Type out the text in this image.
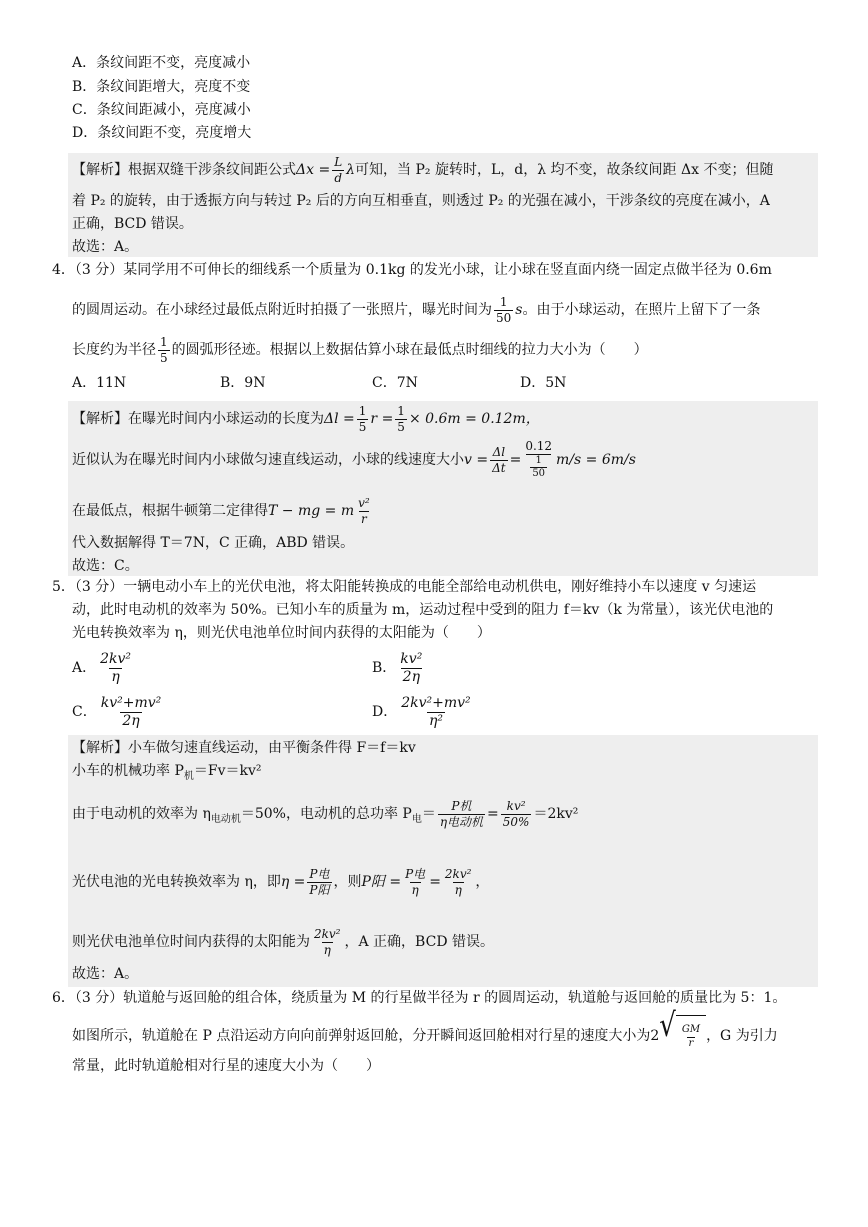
A．条纹间距不变，亮度减小
B．条纹间距增大，亮度不变
C．条纹间距减小，亮度减小
D．条纹间距不变，亮度增大
【解析】根据双缝干涉条纹间距公式$\Delta x = \frac{L}{d}$ λ可知，当 P₂ 旋转时，L，d，λ 均不变，故条纹间距 Δx 不变；但随
着 P₂ 的旋转，由于透振方向与转过 P₂ 后的方向互相垂直，则透过 P₂ 的光强在减小，干涉条纹的亮度在减小，A
正确，BCD 错误。
故选：A。
4．（3 分）某同学用不可伸长的细线系一个质量为 0.1kg 的发光小球，让小球在竖直面内绕一固定点做半径为 0.6m
的圆周运动。在小球经过最低点附近时拍摄了一张照片，曝光时间为 $\frac{1}{50}$ s。由于小球运动，在照片上留下了一条
长度约为半径 $\frac{1}{5}$ 的圆弧形径迹。根据以上数据估算小球在最低点时细线的拉力大小为（　　）
A．11N	B．9N	C．7N	D．5N
【解析】在曝光时间内小球运动的长度为$\Delta l = \frac{1}{5}$ $r = \frac{1}{5} \times 0.6m = 0.12m$，
近似认为在曝光时间内小球做匀速直线运动，小球的线速度大小$v = \frac{\Delta l}{\Delta t} = \frac{0.12}{\frac{1}{50}} m/s = 6m/s$
在最低点，根据牛顿第二定律得T − mg = m $\frac{\text{v²}}{r}$
代入数据解得 T＝7N，C 正确，ABD 错误。
故选：C。
5．（3 分）一辆电动小车上的光伏电池，将太阳能转换成的电能全部给电动机供电，刚好维持小车以速度 v 匀速运
动，此时电动机的效率为 50%。已知小车的质量为 m，运动过程中受到的阻力 f＝kv（k 为常量），该光伏电池的
光电转换效率为 η，则光伏电池单位时间内获得的太阳能为（　　）
A． $\frac{\text{2kv²}}{\eta}$	B． $\frac{\text{kv²}}{2\eta}$
C． $\frac{\text{kv²+mv²}}{2\eta}$	D． $\frac{\text{2kv²+mv²}}{\text{η²}}$
【解析】小车做匀速直线运动，由平衡条件得 F＝f＝kv
小车的机械功率 $P_机=Fv=kv^2$
由于电动机的效率为 $\eta_{电动机}=50\%$，电动机的总功率 $P_电= \frac{\text{P机}}{\text{η电动机}} = \frac{\text{kv²}}{50\%} =2kv^2$
光伏电池的光电转换效率为 η，即$\eta = \frac{\text{P电}}{\text{P阳}}$ ，则P阳 = $\frac{\text{P电}}{\eta} = \frac{\text{2kv²}}{\eta}$ ，
则光伏电池单位时间内获得的太阳能为 $\frac{\text{2kv²}}{\eta}$ ，A 正确，BCD 错误。
故选：A。
6．（3 分）轨道舱与返回舱的组合体，绕质量为 M 的行星做半径为 r 的圆周运动，轨道舱与返回舱的质量比为 5：1。
如图所示，轨道舱在 P 点沿运动方向向前弹射返回舱，分开瞬间返回舱相对行星的速度大小为2 √ $\frac{GM}{r}$ ，G 为引力
常量，此时轨道舱相对行星的速度大小为（　　）
